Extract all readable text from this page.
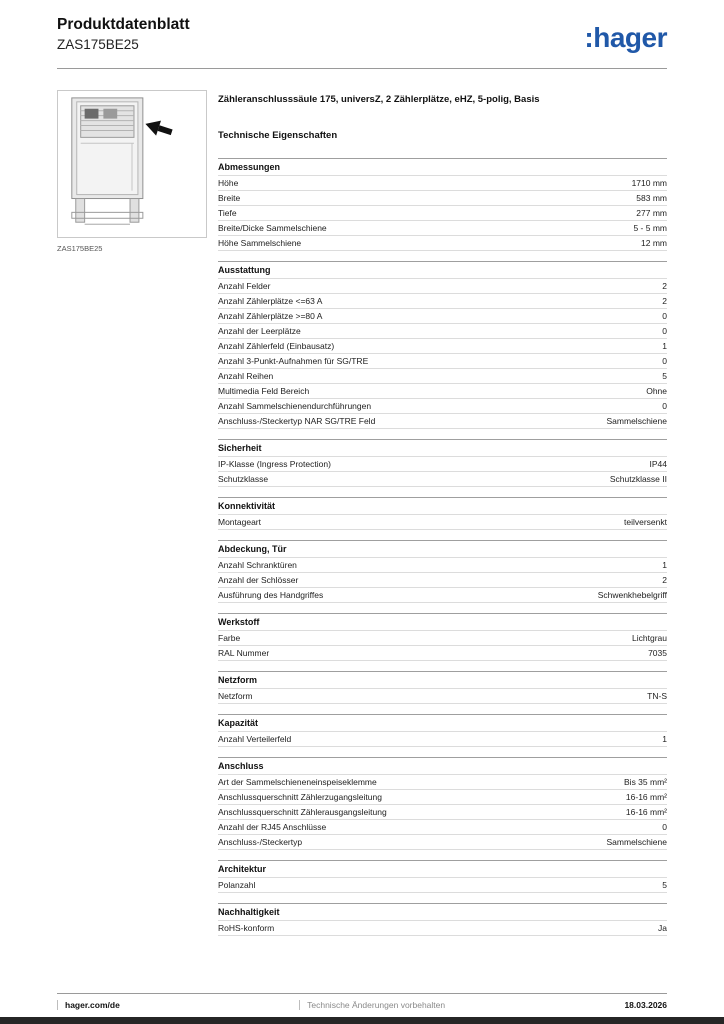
Produktdatenblatt
ZAS175BE25	:hager
ZAS175BE25
Zähleranschlusssäule 175, universZ, 2 Zählerplätze, eHZ, 5-polig, Basis
Technische Eigenschaften
Abmessungen
Höhe	1710 mm
Breite	583 mm
Tiefe	277 mm
Breite/Dicke Sammelschiene	5 - 5 mm
Höhe Sammelschiene	12 mm
Ausstattung
Anzahl Felder	2
Anzahl Zählerplätze <=63 A	2
Anzahl Zählerplätze >=80 A	0
Anzahl der Leerplätze	0
Anzahl Zählerfeld (Einbausatz)	1
Anzahl 3-Punkt-Aufnahmen für SG/TRE	0
Anzahl Reihen	5
Multimedia Feld Bereich	Ohne
Anzahl Sammelschienendurchführungen	0
Anschluss-/Steckertyp NAR SG/TRE Feld	Sammelschiene
Sicherheit
IP-Klasse (Ingress Protection)	IP44
Schutzklasse	Schutzklasse II
Konnektivität
Montageart	teilversenkt
Abdeckung, Tür
Anzahl Schranktüren	1
Anzahl der Schlösser	2
Ausführung des Handgriffes	Schwenkhebelgriff
Werkstoff
Farbe	Lichtgrau
RAL Nummer	7035
Netzform
Netzform	TN-S
Kapazität
Anzahl Verteilerfeld	1
Anschluss
Art der Sammelschieneneinspeiseklemme	Bis 35 mm²
Anschlussquerschnitt Zählerzugangsleitung	16-16 mm²
Anschlussquerschnitt Zählerausgangsleitung	16-16 mm²
Anzahl der RJ45 Anschlüsse	0
Anschluss-/Steckertyp	Sammelschiene
Architektur
Polanzahl	5
Nachhaltigkeit
RoHS-konform	Ja
hager.com/de	Technische Änderungen vorbehalten	18.03.2026
